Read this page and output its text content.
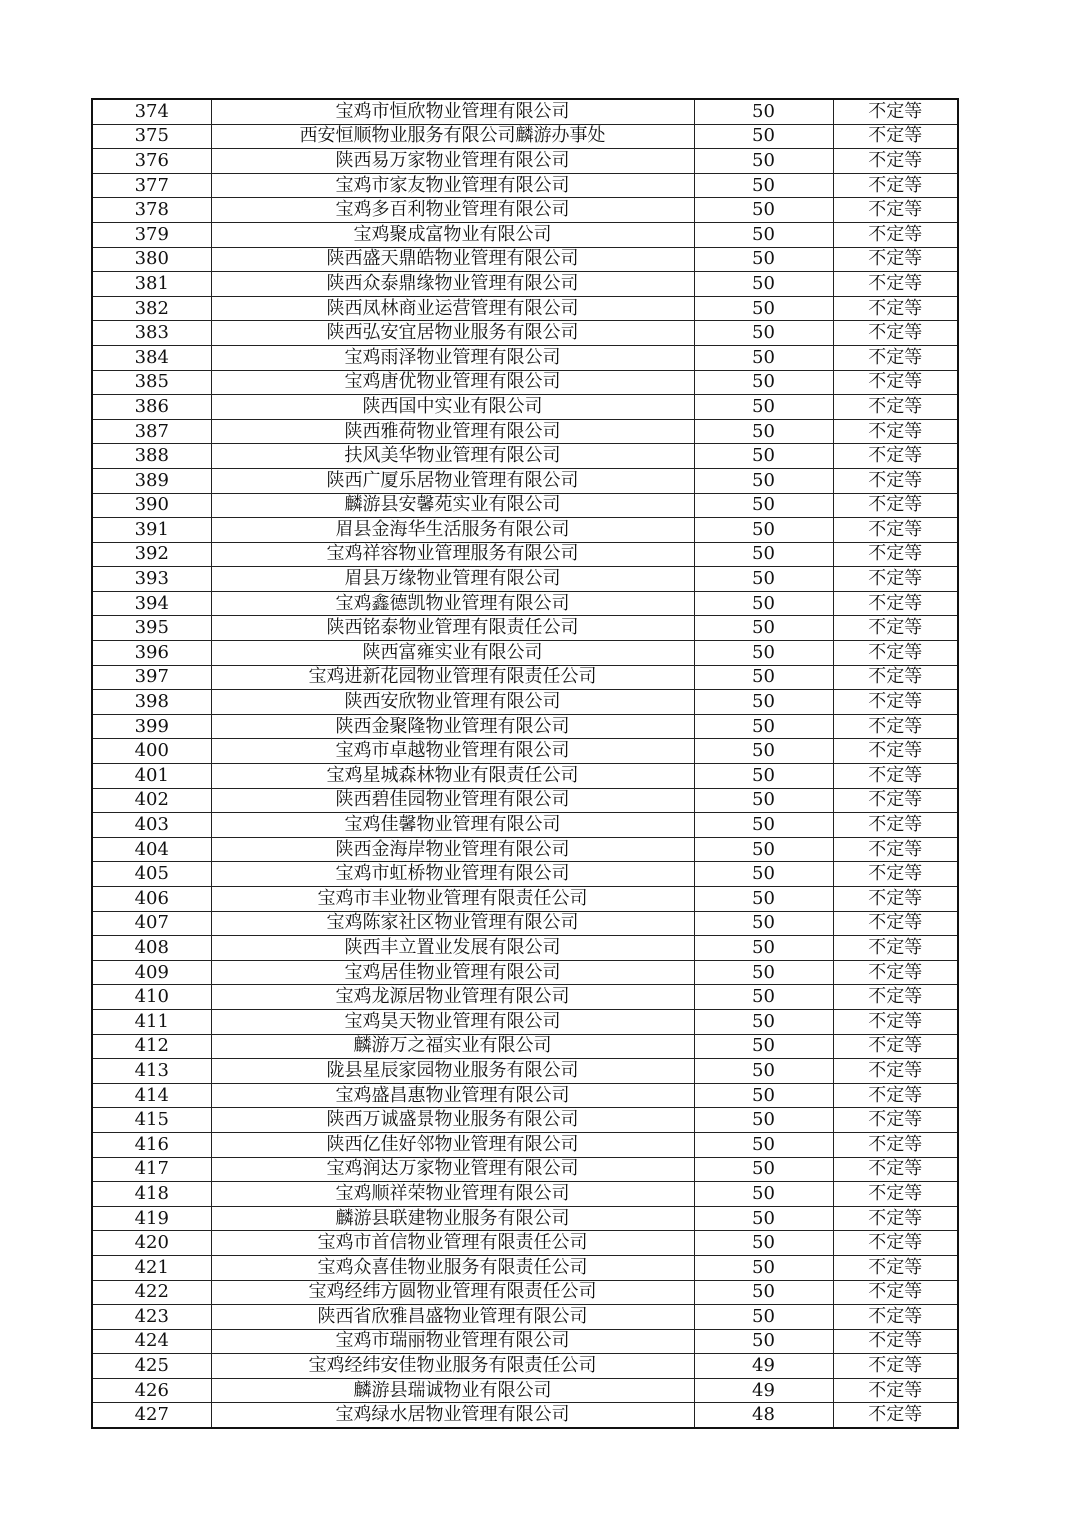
374	宝鸡市恒欣物业管理有限公司	50	不定等
375	西安恒顺物业服务有限公司麟游办事处	50	不定等
376	陕西易万家物业管理有限公司	50	不定等
377	宝鸡市家友物业管理有限公司	50	不定等
378	宝鸡多百利物业管理有限公司	50	不定等
379	宝鸡聚成富物业有限公司	50	不定等
380	陕西盛天鼎皓物业管理有限公司	50	不定等
381	陕西众泰鼎缘物业管理有限公司	50	不定等
382	陕西凤林商业运营管理有限公司	50	不定等
383	陕西弘安宜居物业服务有限公司	50	不定等
384	宝鸡雨泽物业管理有限公司	50	不定等
385	宝鸡唐优物业管理有限公司	50	不定等
386	陕西国中实业有限公司	50	不定等
387	陕西雅荷物业管理有限公司	50	不定等
388	扶风美华物业管理有限公司	50	不定等
389	陕西广厦乐居物业管理有限公司	50	不定等
390	麟游县安馨苑实业有限公司	50	不定等
391	眉县金海华生活服务有限公司	50	不定等
392	宝鸡祥容物业管理服务有限公司	50	不定等
393	眉县万缘物业管理有限公司	50	不定等
394	宝鸡鑫德凯物业管理有限公司	50	不定等
395	陕西铭泰物业管理有限责任公司	50	不定等
396	陕西富雍实业有限公司	50	不定等
397	宝鸡进新花园物业管理有限责任公司	50	不定等
398	陕西安欣物业管理有限公司	50	不定等
399	陕西金聚隆物业管理有限公司	50	不定等
400	宝鸡市卓越物业管理有限公司	50	不定等
401	宝鸡星城森林物业有限责任公司	50	不定等
402	陕西碧佳园物业管理有限公司	50	不定等
403	宝鸡佳馨物业管理有限公司	50	不定等
404	陕西金海岸物业管理有限公司	50	不定等
405	宝鸡市虹桥物业管理有限公司	50	不定等
406	宝鸡市丰业物业管理有限责任公司	50	不定等
407	宝鸡陈家社区物业管理有限公司	50	不定等
408	陕西丰立置业发展有限公司	50	不定等
409	宝鸡居佳物业管理有限公司	50	不定等
410	宝鸡龙源居物业管理有限公司	50	不定等
411	宝鸡昊天物业管理有限公司	50	不定等
412	麟游万之福实业有限公司	50	不定等
413	陇县星辰家园物业服务有限公司	50	不定等
414	宝鸡盛昌惠物业管理有限公司	50	不定等
415	陕西万诚盛景物业服务有限公司	50	不定等
416	陕西亿佳好邻物业管理有限公司	50	不定等
417	宝鸡润达万家物业管理有限公司	50	不定等
418	宝鸡顺祥荣物业管理有限公司	50	不定等
419	麟游县联建物业服务有限公司	50	不定等
420	宝鸡市首信物业管理有限责任公司	50	不定等
421	宝鸡众喜佳物业服务有限责任公司	50	不定等
422	宝鸡经纬方圆物业管理有限责任公司	50	不定等
423	陕西省欣雅昌盛物业管理有限公司	50	不定等
424	宝鸡市瑞丽物业管理有限公司	50	不定等
425	宝鸡经纬安佳物业服务有限责任公司	49	不定等
426	麟游县瑞诚物业有限公司	49	不定等
427	宝鸡绿水居物业管理有限公司	48	不定等
